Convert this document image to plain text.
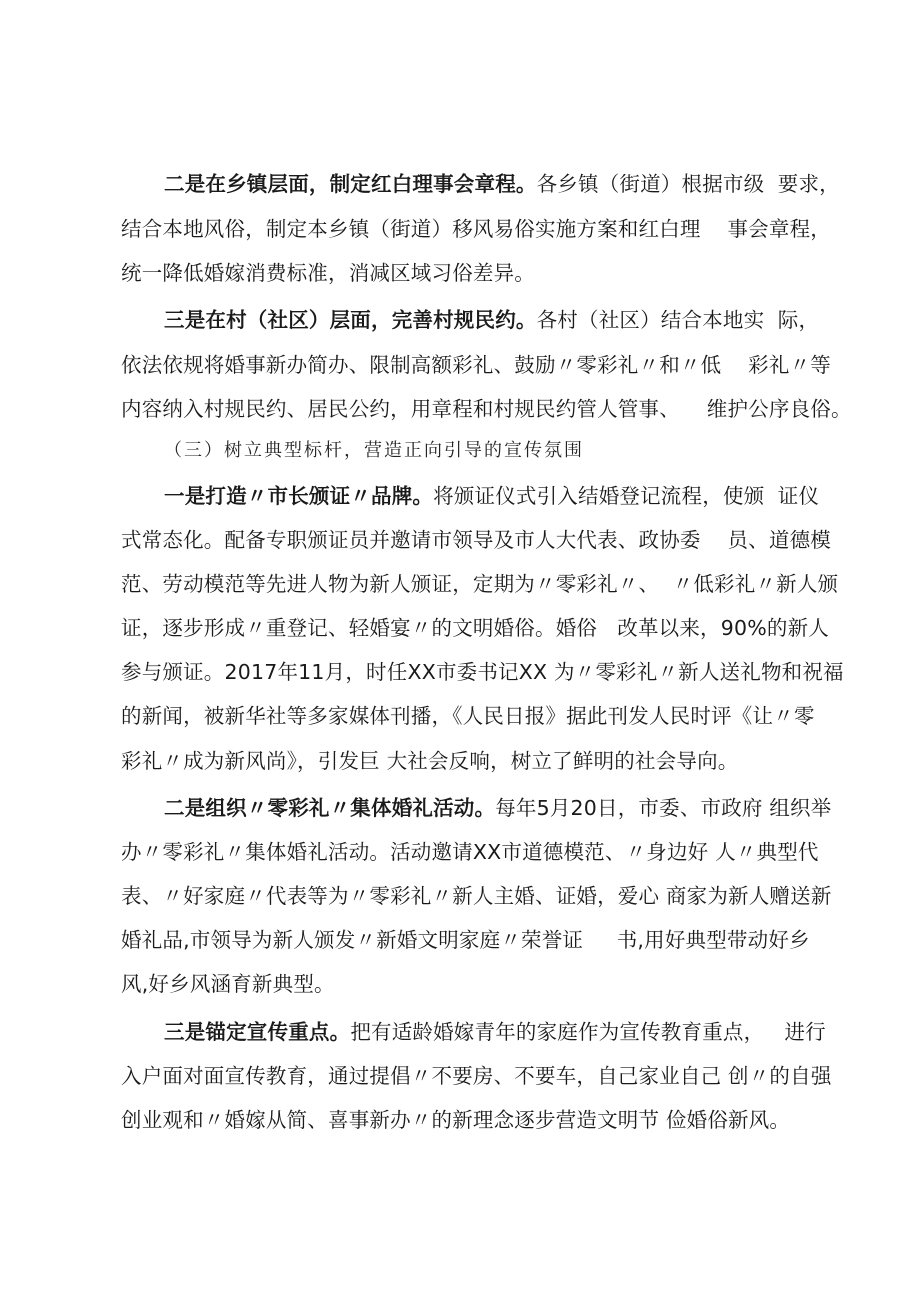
二是在乡镇层面，制定红白理事会章程。各乡镇（街道）根据市级  要求，
结合本地风俗，制定本乡镇（街道）移风易俗实施方案和红白理    事会章程，
统一降低婚嫁消费标准，消减区域习俗差异。
三是在村（社区）层面，完善村规民约。各村（社区）结合本地实  际，
依法依规将婚事新办简办、限制高额彩礼、鼓励〃零彩礼〃和〃低    彩礼〃等
内容纳入村规民约、居民公约，用章程和村规民约管人管事、    维护公序良俗。
（三）树立典型标杆，营造正向引导的宣传氛围
一是打造〃市长颁证〃品牌。将颁证仪式引入结婚登记流程，使颁  证仪
式常态化。配备专职颁证员并邀请市领导及市人大代表、政协委    员、道德模
范、劳动模范等先进人物为新人颁证，定期为〃零彩礼〃、  〃低彩礼〃新人颁
证，逐步形成〃重登记、轻婚宴〃的文明婚俗。婚俗   改革以来，90%的新人
参与颁证。2017年11月，时任XX市委书记XX 为〃零彩礼〃新人送礼物和祝福
的新闻，被新华社等多家媒体刊播，《人民日报》据此刊发人民时评《让〃零
彩礼〃成为新风尚》，引发巨 大社会反响，树立了鲜明的社会导向。
二是组织〃零彩礼〃集体婚礼活动。每年5月20日，市委、市政府 组织举
办〃零彩礼〃集体婚礼活动。活动邀请XX市道德模范、〃身边好 人〃典型代
表、〃好家庭〃代表等为〃零彩礼〃新人主婚、证婚，爱心 商家为新人赠送新
婚礼品,市领导为新人颁发〃新婚文明家庭〃荣誉证     书,用好典型带动好乡
风,好乡风涵育新典型。
三是锚定宣传重点。把有适龄婚嫁青年的家庭作为宣传教育重点，   进行
入户面对面宣传教育，通过提倡〃不要房、不要车，自己家业自己 创〃的自强
创业观和〃婚嫁从简、喜事新办〃的新理念逐步营造文明节 俭婚俗新风。
